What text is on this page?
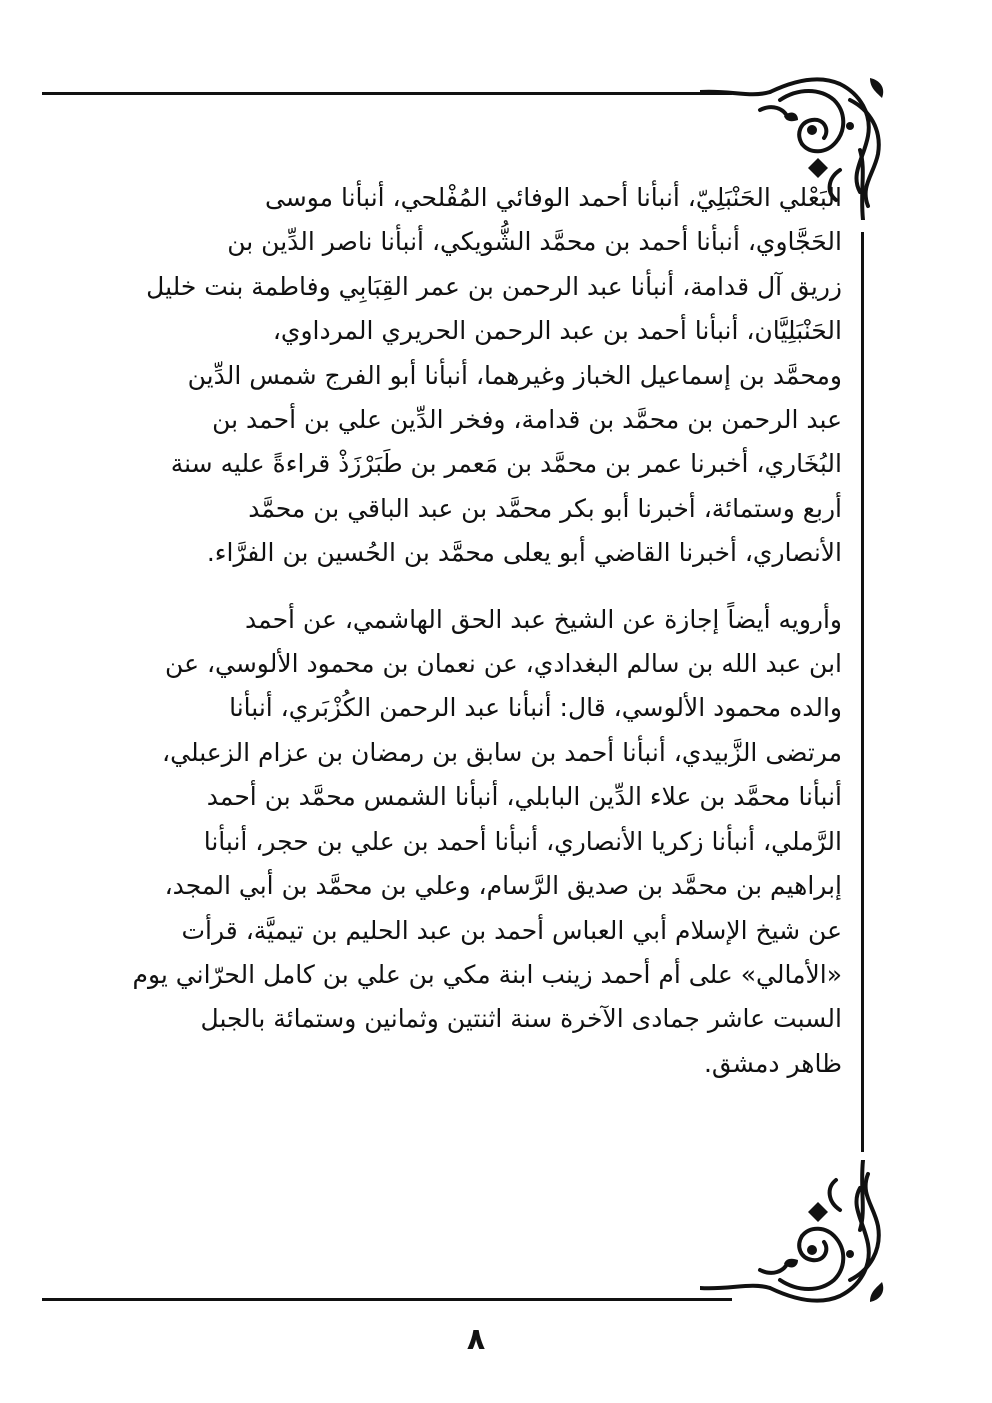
البَعْلي الحَنْبَلِيّ، أنبأنا أحمد الوفائي المُفْلحي، أنبأنا موسى
الحَجَّاوي، أنبأنا أحمد بن محمَّد الشُّويكي، أنبأنا ناصر الدِّين بن
زريق آل قدامة، أنبأنا عبد الرحمن بن عمر القِبَابِي وفاطمة بنت خليل
الحَنْبَلِيَّان، أنبأنا أحمد بن عبد الرحمن الحريري المرداوي،
ومحمَّد بن إسماعيل الخباز وغيرهما، أنبأنا أبو الفرج شمس الدِّين
عبد الرحمن بن محمَّد بن قدامة، وفخر الدِّين علي بن أحمد بن
البُخَاري، أخبرنا عمر بن محمَّد بن مَعمر بن طَبَرْزَذْ قراءةً عليه سنة
أربع وستمائة، أخبرنا أبو بكر محمَّد بن عبد الباقي بن محمَّد
الأنصاري، أخبرنا القاضي أبو يعلى محمَّد بن الحُسين بن الفرَّاء.

وأرويه أيضاً إجازة عن الشيخ عبد الحق الهاشمي، عن أحمد
ابن عبد الله بن سالم البغدادي، عن نعمان بن محمود الألوسي، عن
والده محمود الألوسي، قال: أنبأنا عبد الرحمن الكُزْبَري، أنبأنا
مرتضى الزَّبيدي، أنبأنا أحمد بن سابق بن رمضان بن عزام الزعبلي،
أنبأنا محمَّد بن علاء الدِّين البابلي، أنبأنا الشمس محمَّد بن أحمد
الرَّملي، أنبأنا زكريا الأنصاري، أنبأنا أحمد بن علي بن حجر، أنبأنا
إبراهيم بن محمَّد بن صديق الرَّسام، وعلي بن محمَّد بن أبي المجد،
عن شيخ الإسلام أبي العباس أحمد بن عبد الحليم بن تيميَّة، قرأت
«الأمالي» على أم أحمد زينب ابنة مكي بن علي بن كامل الحرّاني يوم
السبت عاشر جمادى الآخرة سنة اثنتين وثمانين وستمائة بالجبل
ظاهر دمشق.

٨
